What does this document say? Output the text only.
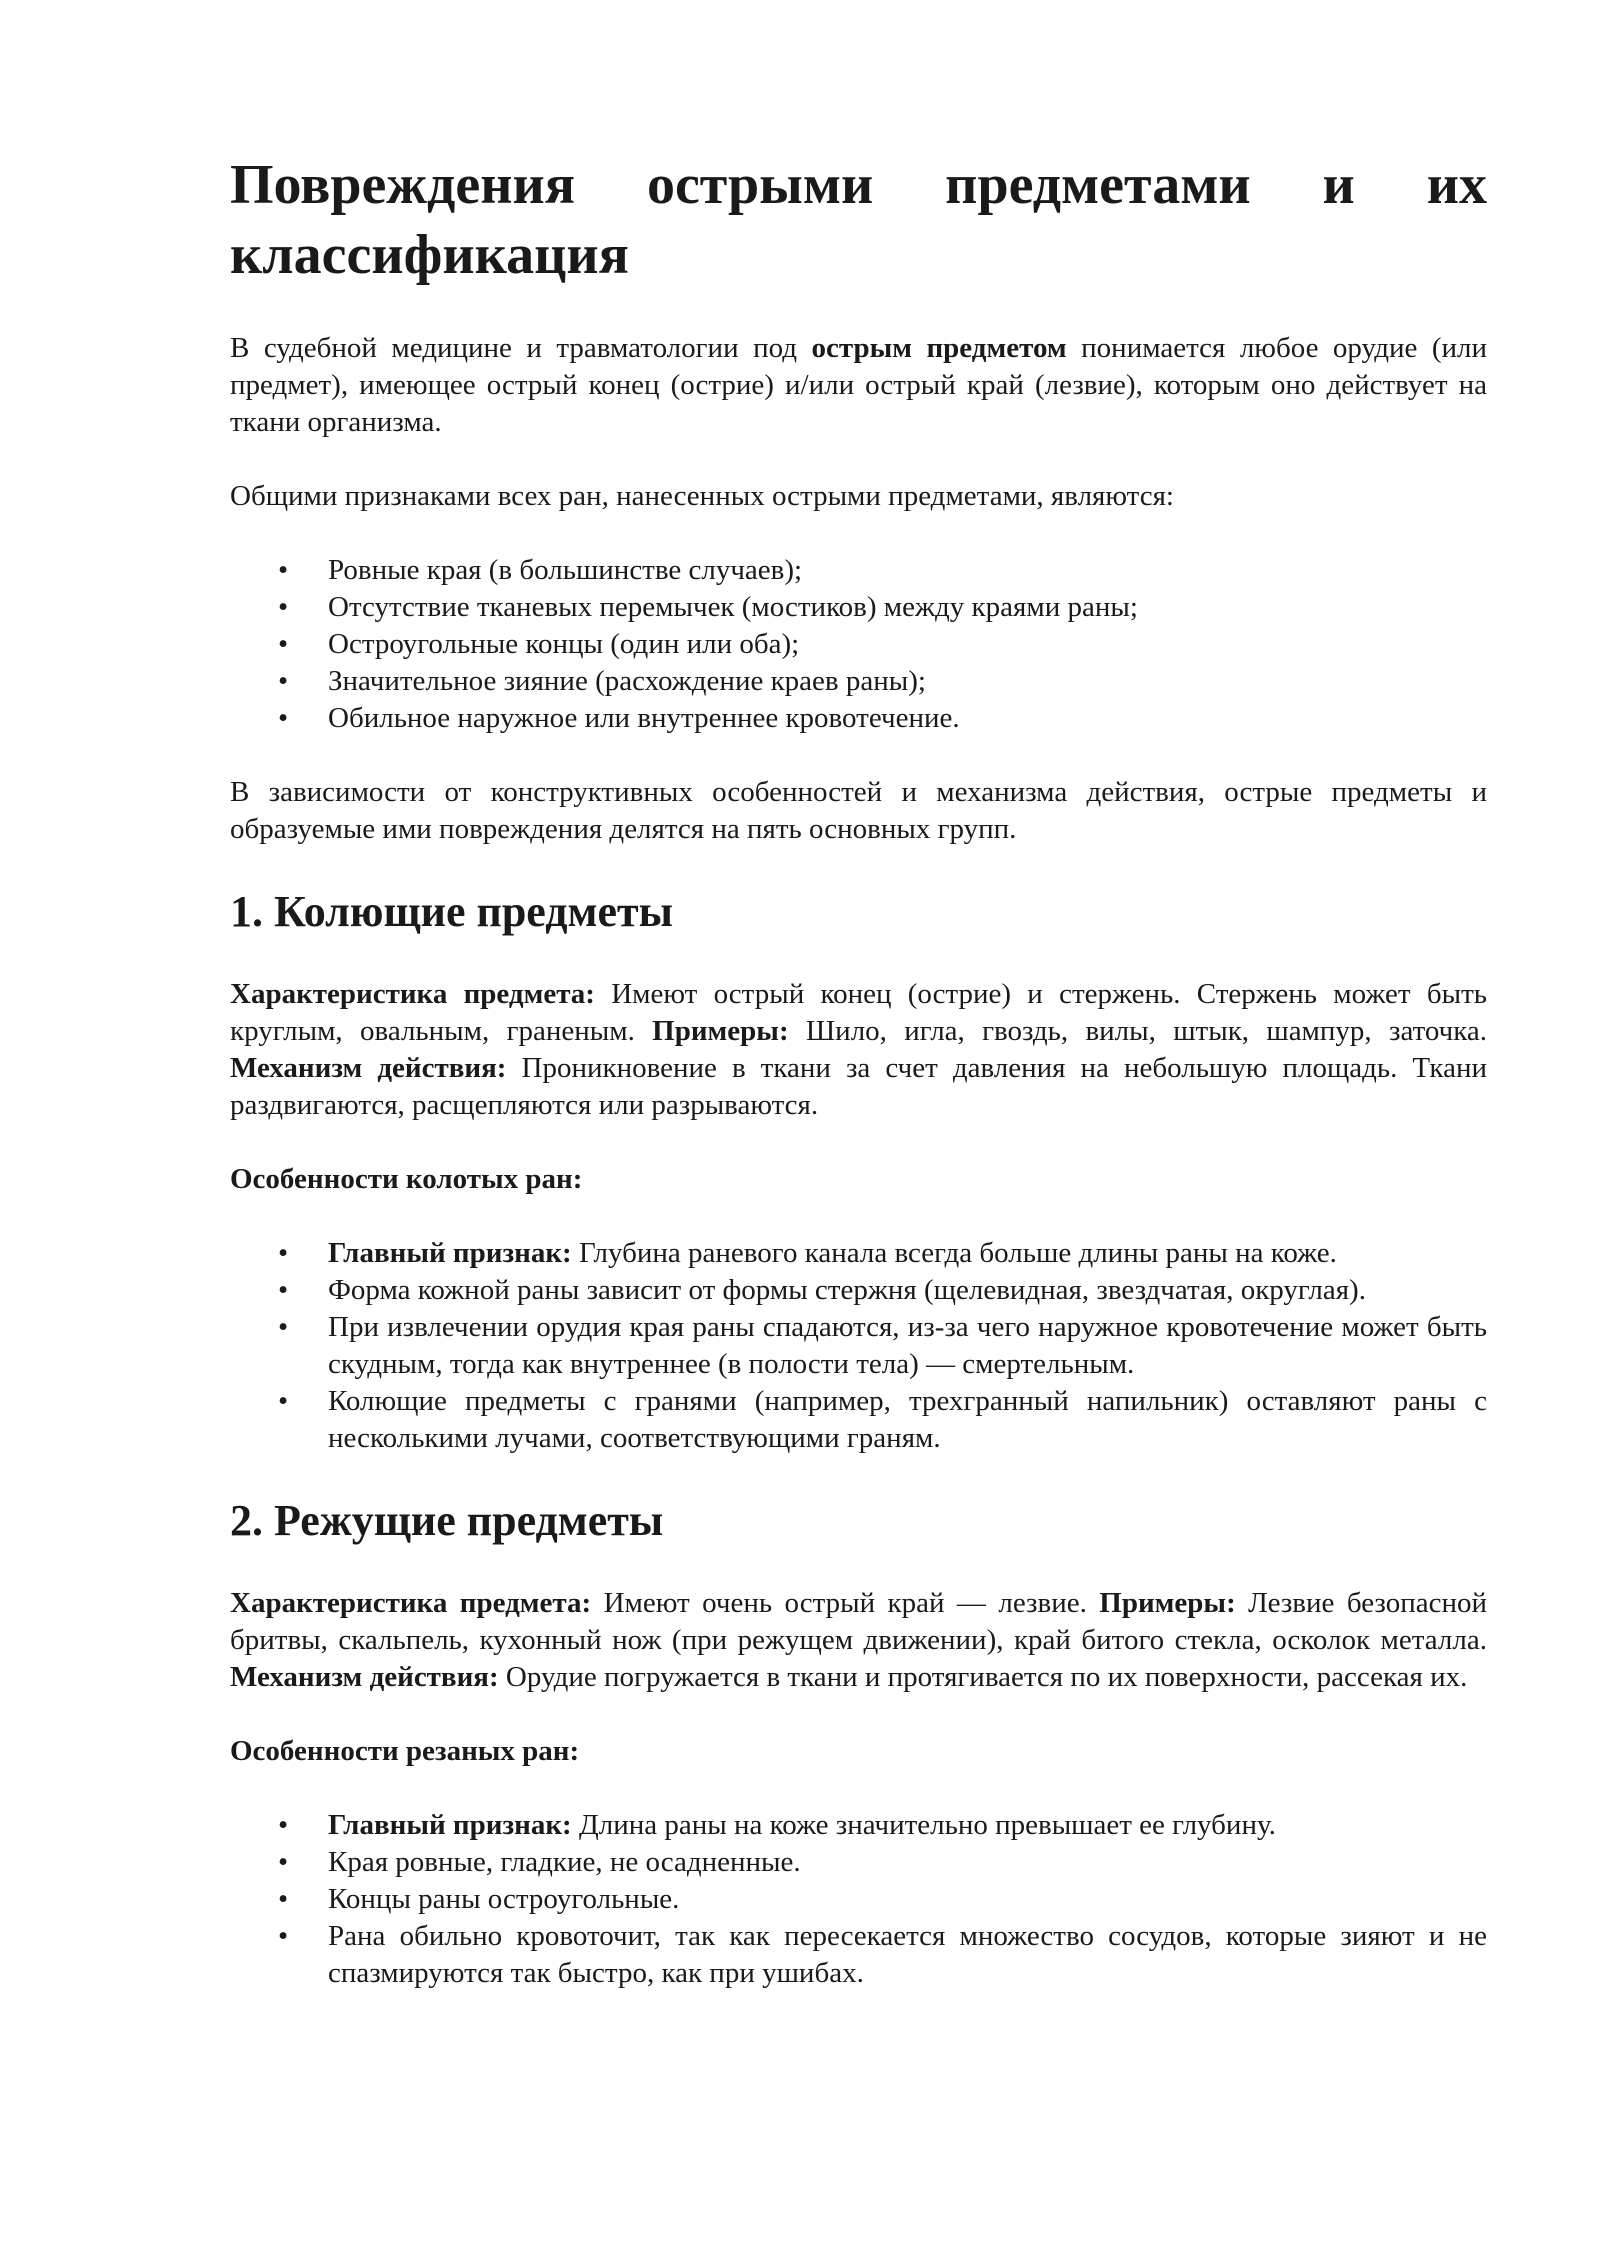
Повреждения острыми предметами и их классификация

В судебной медицине и травматологии под острым предметом понимается любое орудие (или предмет), имеющее острый конец (острие) и/или острый край (лезвие), которым оно действует на ткани организма.

Общими признаками всех ран, нанесенных острыми предметами, являются:

• Ровные края (в большинстве случаев);
• Отсутствие тканевых перемычек (мостиков) между краями раны;
• Остроугольные концы (один или оба);
• Значительное зияние (расхождение краев раны);
• Обильное наружное или внутреннее кровотечение.

В зависимости от конструктивных особенностей и механизма действия, острые предметы и образуемые ими повреждения делятся на пять основных групп.

1. Колющие предметы

Характеристика предмета: Имеют острый конец (острие) и стержень. Стержень может быть круглым, овальным, граненым. Примеры: Шило, игла, гвоздь, вилы, штык, шампур, заточка. Механизм действия: Проникновение в ткани за счет давления на небольшую площадь. Ткани раздвигаются, расщепляются или разрываются.

Особенности колотых ран:

• Главный признак: Глубина раневого канала всегда больше длины раны на коже.
• Форма кожной раны зависит от формы стержня (щелевидная, звездчатая, округлая).
• При извлечении орудия края раны спадаются, из-за чего наружное кровотечение может быть скудным, тогда как внутреннее (в полости тела) — смертельным.
• Колющие предметы с гранями (например, трехгранный напильник) оставляют раны с несколькими лучами, соответствующими граням.
2. Режущие предметы

Характеристика предмета: Имеют очень острый край — лезвие. Примеры: Лезвие безопасной бритвы, скальпель, кухонный нож (при режущем движении), край битого стекла, осколок металла. Механизм действия: Орудие погружается в ткани и протягивается по их поверхности, рассекая их.

Особенности резаных ран:

• Главный признак: Длина раны на коже значительно превышает ее глубину.
• Края ровные, гладкие, не осадненные.
• Концы раны остроугольные.
• Рана обильно кровоточит, так как пересекается множество сосудов, которые зияют и не спазмируются так быстро, как при ушибах.
